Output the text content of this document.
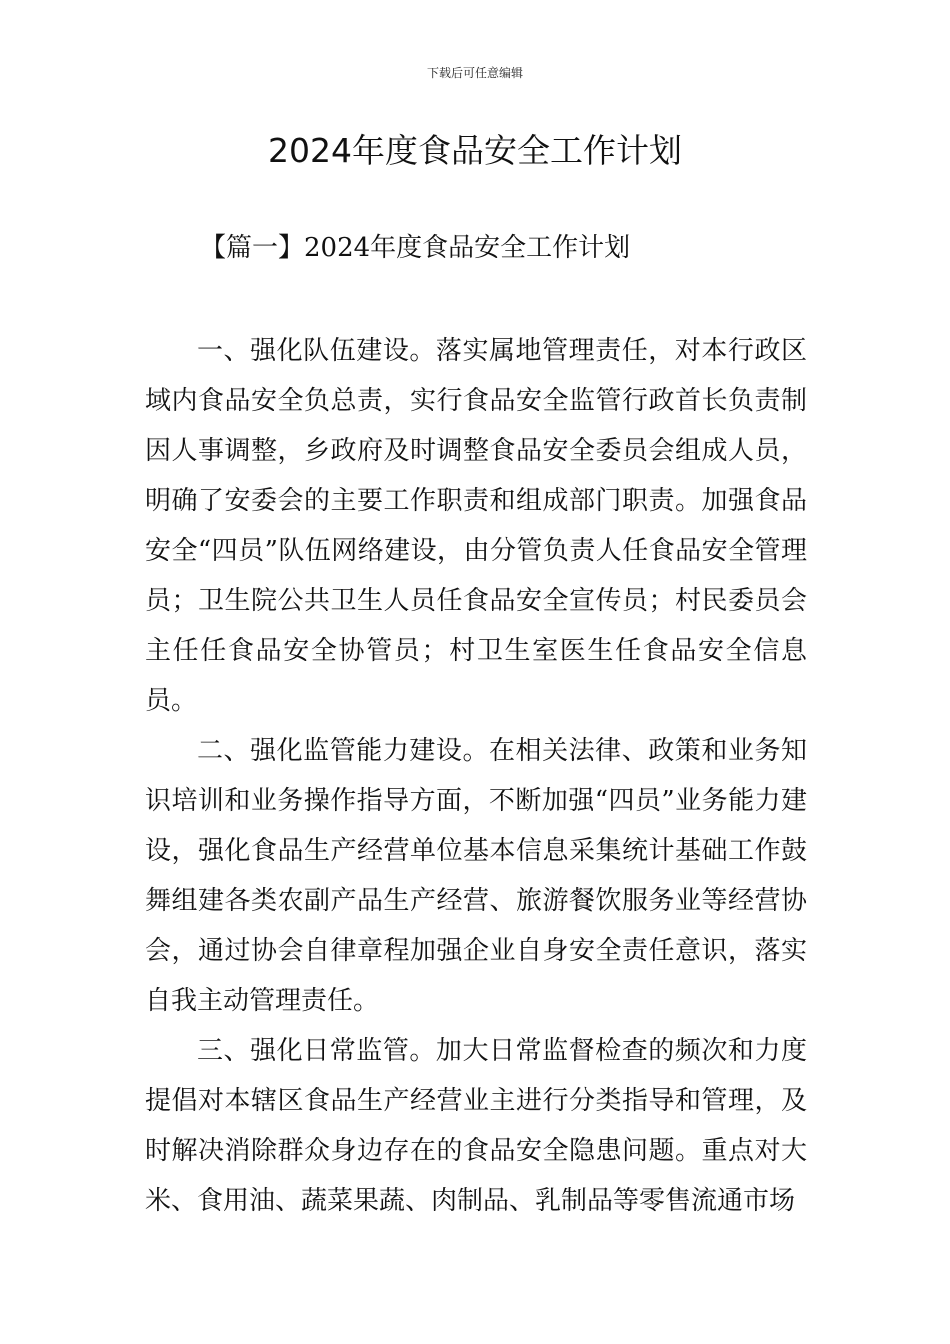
下载后可任意编辑
2024年度食品安全工作计划
【篇一】2024年度食品安全工作计划

一、强化队伍建设。落实属地管理责任，对本行政区域内食品安全负总责，实行食品安全监管行政首长负责制因人事调整，乡政府及时调整食品安全委员会组成人员，明确了安委会的主要工作职责和组成部门职责。加强食品安全“四员”队伍网络建设，由分管负责人任食品安全管理员；卫生院公共卫生人员任食品安全宣传员；村民委员会主任任食品安全协管员；村卫生室医生任食品安全信息员。

二、强化监管能力建设。在相关法律、政策和业务知识培训和业务操作指导方面，不断加强“四员”业务能力建设，强化食品生产经营单位基本信息采集统计基础工作鼓舞组建各类农副产品生产经营、旅游餐饮服务业等经营协会，通过协会自律章程加强企业自身安全责任意识，落实自我主动管理责任。

三、强化日常监管。加大日常监督检查的频次和力度提倡对本辖区食品生产经营业主进行分类指导和管理，及时解决消除群众身边存在的食品安全隐患问题。重点对大米、食用油、蔬菜果蔬、肉制品、乳制品等零售流通市场
